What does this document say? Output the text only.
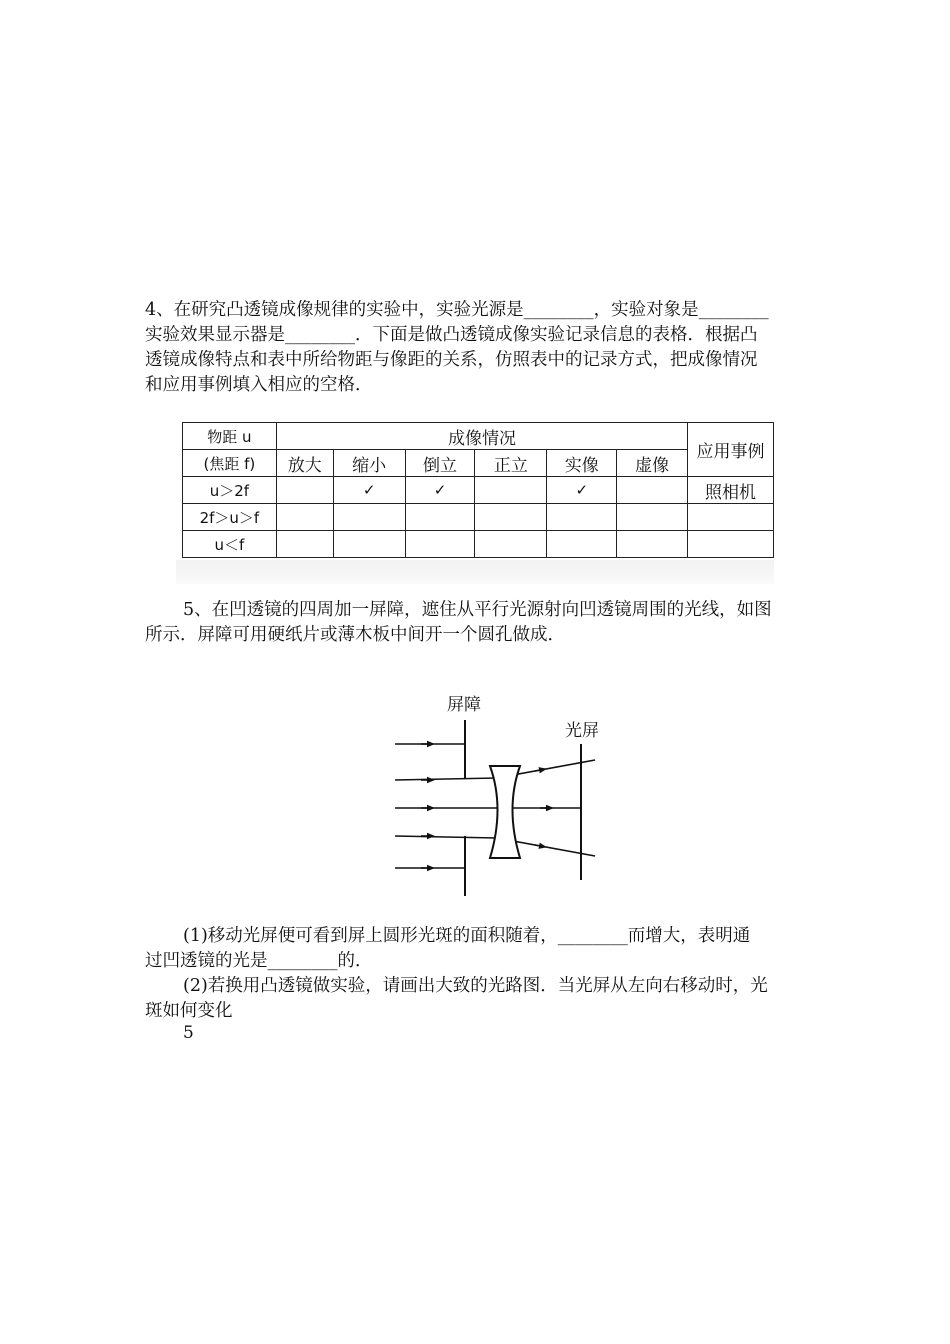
4、在研究凸透镜成像规律的实验中，实验光源是________，实验对象是________
实验效果显示器是________．下面是做凸透镜成像实验记录信息的表格．根据凸
透镜成像特点和表中所给物距与像距的关系，仿照表中的记录方式，把成像情况
和应用事例填入相应的空格．
物距 u	成像情况						应用事例
(焦距 f)	放大	缩小	倒立	正立	实像	虚像	
u＞2f		✓	✓		✓		照相机
2f＞u＞f							
u＜f							
5、在凹透镜的四周加一屏障，遮住从平行光源射向凹透镜周围的光线，如图
所示．屏障可用硬纸片或薄木板中间开一个圆孔做成．
屏障
光屏
(1)移动光屏便可看到屏上圆形光斑的面积随着，________而增大，表明通
过凹透镜的光是________的．
(2)若换用凸透镜做实验，请画出大致的光路图．当光屏从左向右移动时，光
斑如何变化
5
